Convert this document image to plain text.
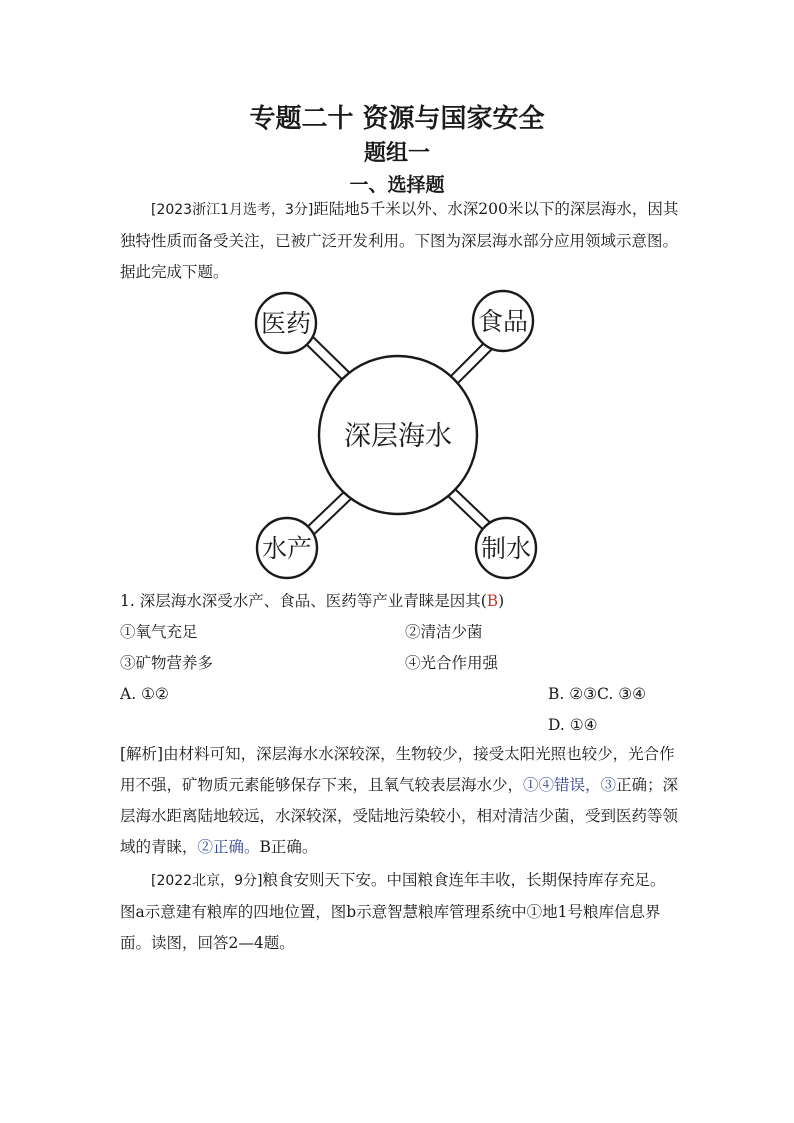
专题二十 资源与国家安全
题组一
一、选择题

[2023浙江1月选考，3分]距陆地5千米以外、水深200米以下的深层海水，因其独特性质而备受关注，已被广泛开发利用。下图为深层海水部分应用领域示意图。据此完成下题。

深层海水
医药	食品
水产	制水
1. 深层海水深受水产、食品、医药等产业青睐是因其(B)
①氧气充足	②清洁少菌
③矿物营养多	④光合作用强
A. ①②	B. ②③C. ③④
D. ①④

[解析]由材料可知，深层海水水深较深，生物较少，接受太阳光照也较少，光合作用不强，矿物质元素能够保存下来，且氧气较表层海水少，①④错误，③正确；深层海水距离陆地较远，水深较深，受陆地污染较小，相对清洁少菌，受到医药等领域的青睐，②正确。B正确。

[2022北京，9分]粮食安则天下安。中国粮食连年丰收，长期保持库存充足。图a示意建有粮库的四地位置，图b示意智慧粮库管理系统中①地1号粮库信息界面。读图，回答2—4题。
